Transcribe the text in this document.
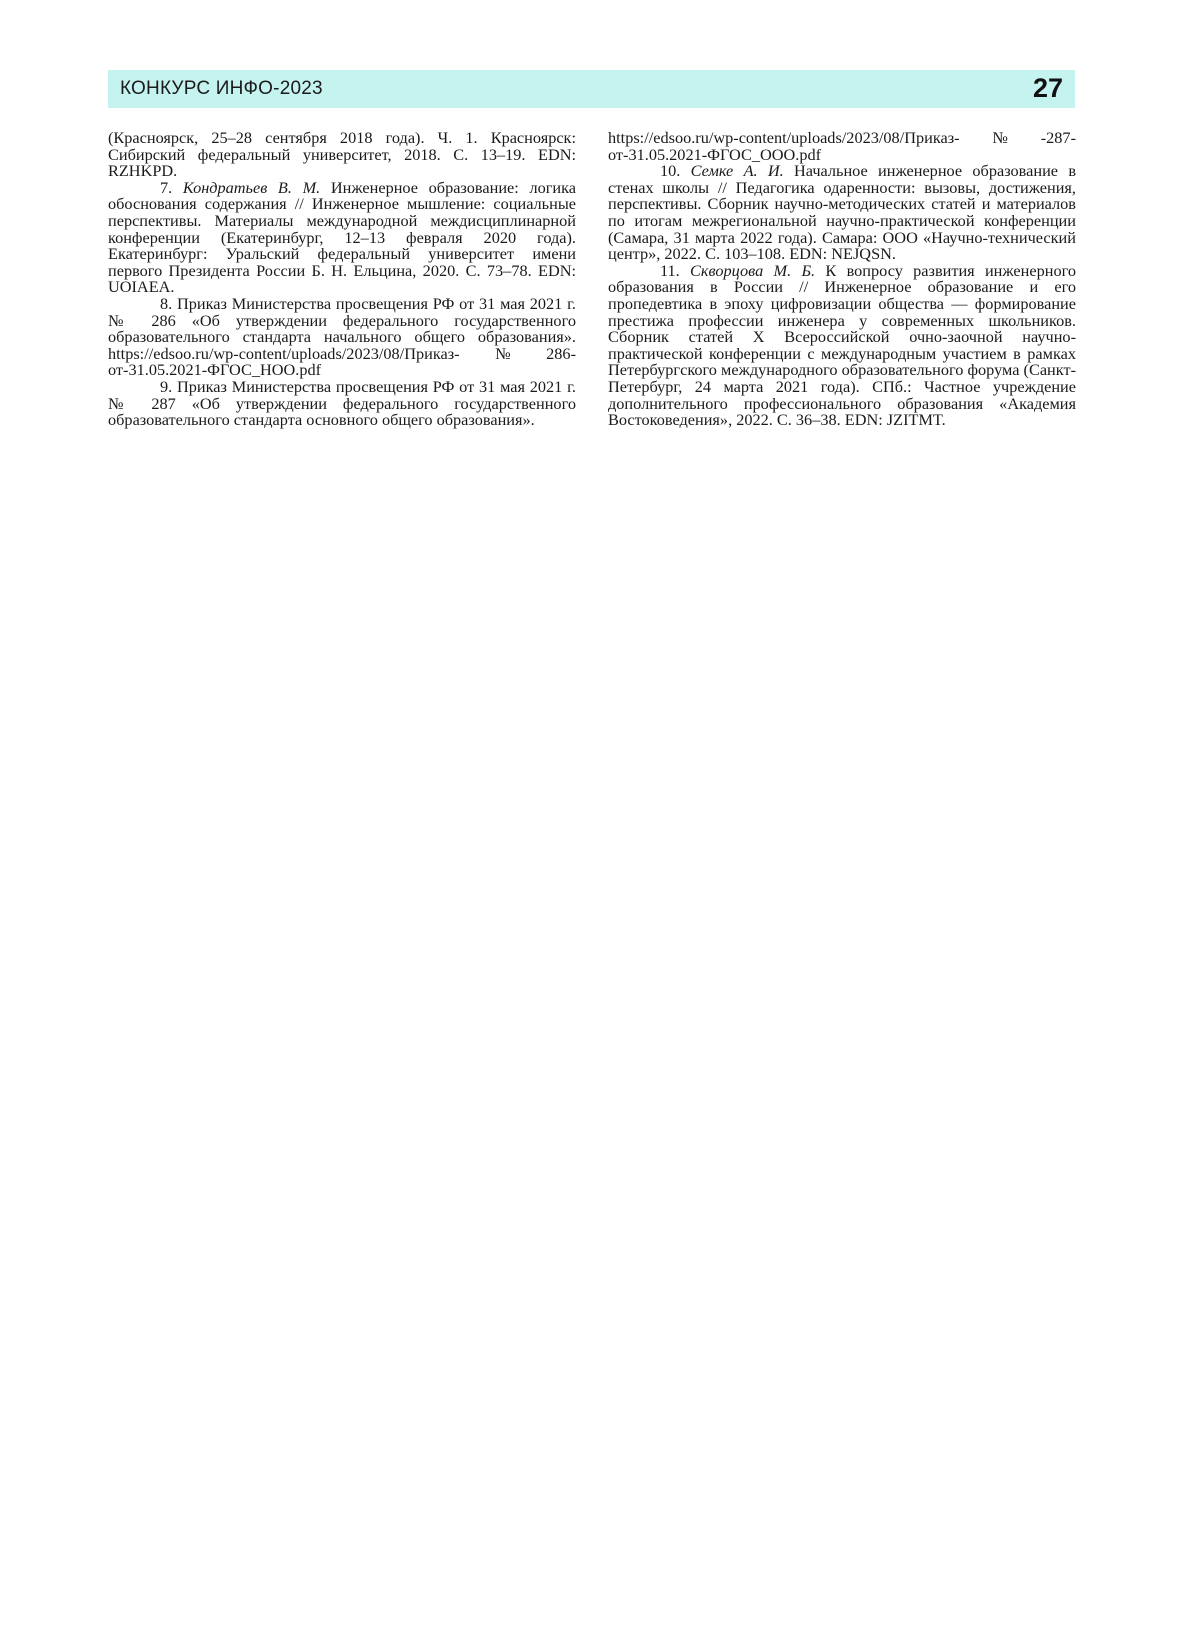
КОНКУРС ИНФО-2023	27

(Красноярск, 25–28 сентября 2018 года). Ч. 1. Красноярск: Сибирский федеральный университет, 2018. С. 13–19. EDN: RZHKPD.

7. Кондратьев В. М. Инженерное образование: логика обоснования содержания // Инженерное мышление: социальные перспективы. Материалы международной междисциплинарной конференции (Екатеринбург, 12–13 февраля 2020 года). Екатеринбург: Уральский федеральный университет имени первого Президента России Б. Н. Ельцина, 2020. С. 73–78. EDN: UOIAEA.

8. Приказ Министерства просвещения РФ от 31 мая 2021 г. № 286 «Об утверждении федерального государственного образовательного стандарта начального общего образования». https://edsoo.ru/wp-content/uploads/2023/08/Приказ-№286-от-31.05.2021-ФГОС_НОО.pdf

9. Приказ Министерства просвещения РФ от 31 мая 2021 г. № 287 «Об утверждении федерального государственного образовательного стандарта основного общего образования».

https://edsoo.ru/wp-content/uploads/2023/08/Приказ-№-287-от-31.05.2021-ФГОС_ООО.pdf

10. Семке А. И. Начальное инженерное образование в стенах школы // Педагогика одаренности: вызовы, достижения, перспективы. Сборник научно-методических статей и материалов по итогам межрегиональной научно-практической конференции (Самара, 31 марта 2022 года). Самара: ООО «Научно-технический центр», 2022. С. 103–108. EDN: NEJQSN.

11. Скворцова М. Б. К вопросу развития инженерного образования в России // Инженерное образование и его пропедевтика в эпоху цифровизации общества — формирование престижа профессии инженера у современных школьников. Сборник статей X Всероссийской очно-заочной научно-практической конференции с международным участием в рамках Петербургского международного образовательного форума (Санкт-Петербург, 24 марта 2021 года). СПб.: Частное учреждение дополнительного профессионального образования «Академия Востоковедения», 2022. С. 36–38. EDN: JZITMT.
